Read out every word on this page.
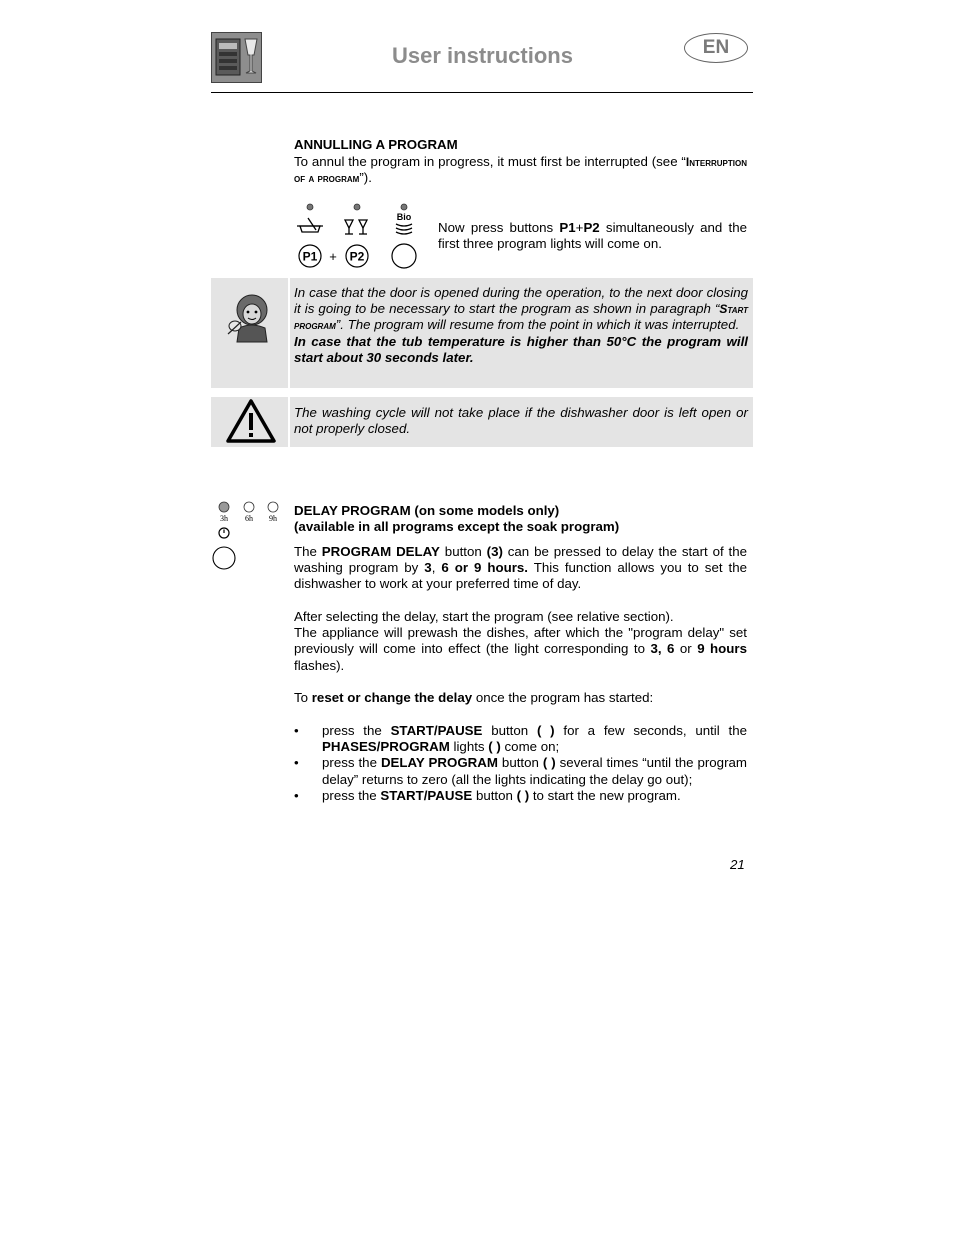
User instructions	EN
ANNULLING A PROGRAM
To annul the program in progress, it must first be interrupted (see “Interruption of a program”).
Bio
P1 + P2
Now press buttons P1+P2 simultaneously and the first three program lights will come on.
In case that the door is opened during the operation, to the next door closing it is going to be necessary to start the program as shown in paragraph “Start program”. The program will resume from the point in which it was interrupted.
In case that the tub temperature is higher than 50°C the program will start about 30 seconds later.
The washing cycle will not take place if the dishwasher door is left open or not properly closed.
3h 6h 9h
DELAY PROGRAM (on some models only)
(available in all programs except the soak program)
The PROGRAM DELAY button (3) can be pressed to delay the start of the washing program by 3, 6 or 9 hours. This function allows you to set the dishwasher to work at your preferred time of day.
After selecting the delay, start the program (see relative section).
The appliance will prewash the dishes, after which the "program delay" set previously will come into effect (the light corresponding to 3, 6 or 9 hours flashes).
To reset or change the delay once the program has started:
• press the START/PAUSE button ( ) for a few seconds, until the PHASES/PROGRAM lights ( ) come on;
• press the DELAY PROGRAM button ( ) several times “until the program delay” returns to zero (all the lights indicating the delay go out);
• press the START/PAUSE button ( ) to start the new program.
21
